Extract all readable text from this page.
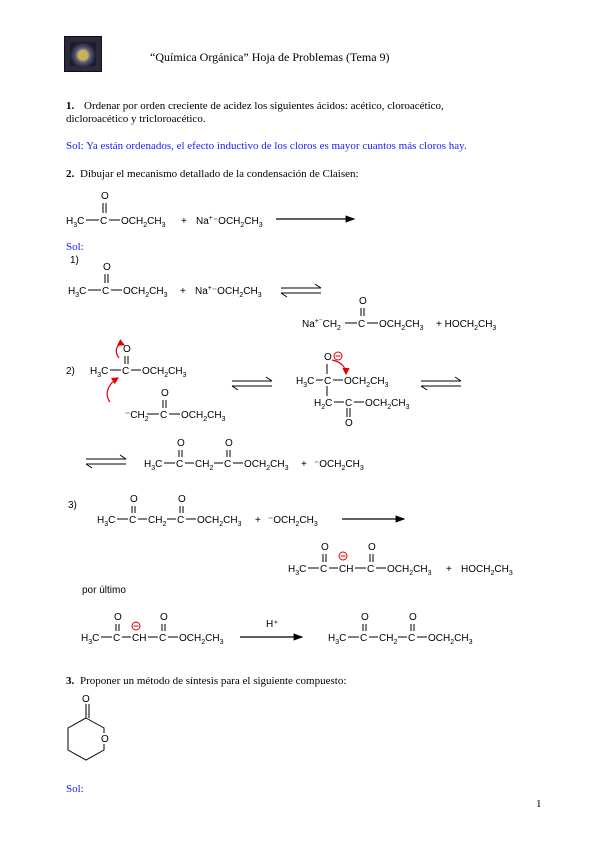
“Química Orgánica” Hoja de Problemas (Tema 9)
1. Ordenar por orden creciente de acidez los siguientes ácidos: acético, cloroacético,
dicloroacético y tricloroacético.
Sol: Ya están ordenados, el efecto inductivo de los cloros es mayor cuantos más cloros hay.
2. Dibujar el mecanismo detallado de la condensación de Claisen:
$H_3C$ C
O
$OCH_2CH_3 + Na^+^-OCH_2CH_3$
$H_3C$ C
O
$OCH_2CH_3 + Na^+^-OCH_2CH_3$
$Na^{+^-}CH_2$ C
O
$OCH_2CH_3$ + $HOCH_2CH_3$
$H_3C$ C
O
$OCH_2CH_3$
$^-CH_2$ C
O
$OCH_2CH_3$
O
$H_3C$ C $OCH_2CH_3$
$H_2C$ C $OCH_2CH_3$
O
$H_3C$ C
O
$CH_2$ C
O
$OCH_2CH_3 + ^-OCH_2CH_3$
$H_3C$ C
O
$CH_2$ C
O
$OCH_2CH_3 + ^-OCH_2CH_3$
$H_3C$ C
O
CH C
O
$OCH_2CH_3$ + $HOCH_2CH_3$
$H_3C$ C
O
CH C
O
$OCH_2CH_3$	$H_3C$ C
O
$CH_2$ C
O
$OCH_2CH_3$
O
O
Sol:
1)
2)
3)
por último
H⁺
3. Proponer un método de síntesis para el siguiente compuesto:
Sol:
1
